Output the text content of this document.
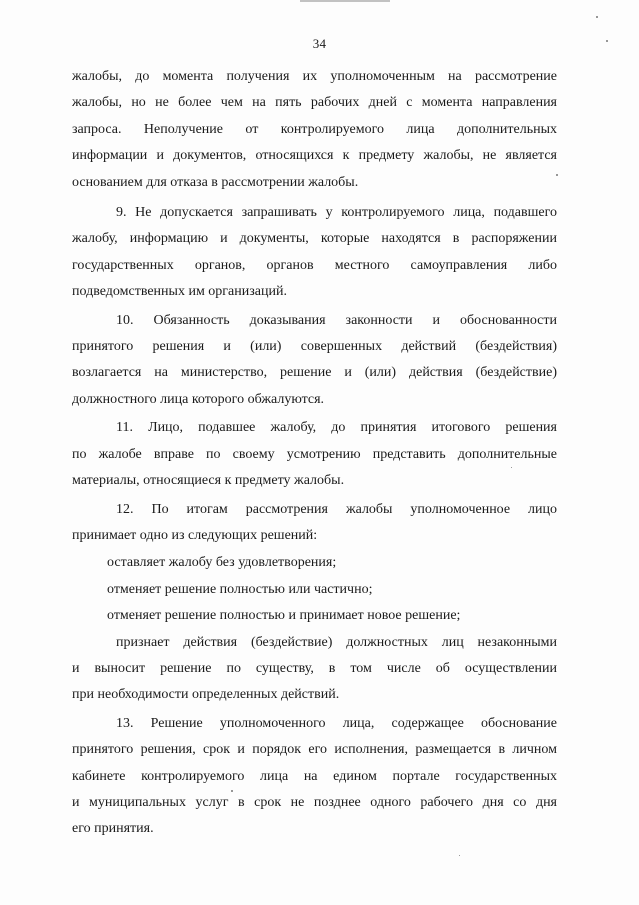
34
жалобы, до момента получения их уполномоченным на рассмотрение
жалобы, но не более чем на пять рабочих дней с момента направления
запроса. Неполучение от контролируемого лица дополнительных
информации и документов, относящихся к предмету жалобы, не является
основанием для отказа в рассмотрении жалобы.
9. Не допускается запрашивать у контролируемого лица, подавшего
жалобу, информацию и документы, которые находятся в распоряжении
государственных органов, органов местного самоуправления либо
подведомственных им организаций.
10. Обязанность доказывания законности и обоснованности
принятого решения и (или) совершенных действий (бездействия)
возлагается на министерство, решение и (или) действия (бездействие)
должностного лица которого обжалуются.
11. Лицо, подавшее жалобу, до принятия итогового решения
по жалобе вправе по своему усмотрению представить дополнительные
материалы, относящиеся к предмету жалобы.
12. По итогам рассмотрения жалобы уполномоченное лицо
принимает одно из следующих решений:
оставляет жалобу без удовлетворения;
отменяет решение полностью или частично;
отменяет решение полностью и принимает новое решение;
признает действия (бездействие) должностных лиц незаконными
и выносит решение по существу, в том числе об осуществлении
при необходимости определенных действий.
13. Решение уполномоченного лица, содержащее обоснование
принятого решения, срок и порядок его исполнения, размещается в личном
кабинете контролируемого лица на едином портале государственных
и муниципальных услуг в срок не позднее одного рабочего дня со дня
его принятия.
